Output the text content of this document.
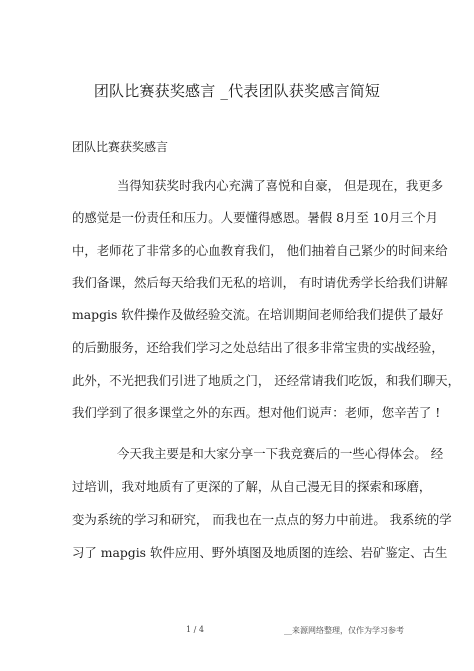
团队比赛获奖感言 _代表团队获奖感言简短
团队比赛获奖感言
当得知获奖时我内心充满了喜悦和自豪， 但是现在，我更多
的感觉是一份责任和压力。人要懂得感恩。暑假 8月至 10月三个月
中，老师花了非常多的心血教育我们， 他们抽着自己紧少的时间来给
我们备课，然后每天给我们无私的培训， 有时请优秀学长给我们讲解
mapgis 软件操作及做经验交流。在培训期间老师给我们提供了最好
的后勤服务，还给我们学习之处总结出了很多非常宝贵的实战经验，
此外，不光把我们引进了地质之门， 还经常请我们吃饭，和我们聊天，
我们学到了很多课堂之外的东西。想对他们说声：老师，您辛苦了 !
今天我主要是和大家分享一下我竞赛后的一些心得体会。 经
过培训，我对地质有了更深的了解，从自己漫无目的探索和琢磨，
变为系统的学习和研究， 而我也在一点点的努力中前进。 我系统的学
习了 mapgis 软件应用、野外填图及地质图的连绘、岩矿鉴定、古生
1 / 4	__来源网络整理，仅作为学习参考
